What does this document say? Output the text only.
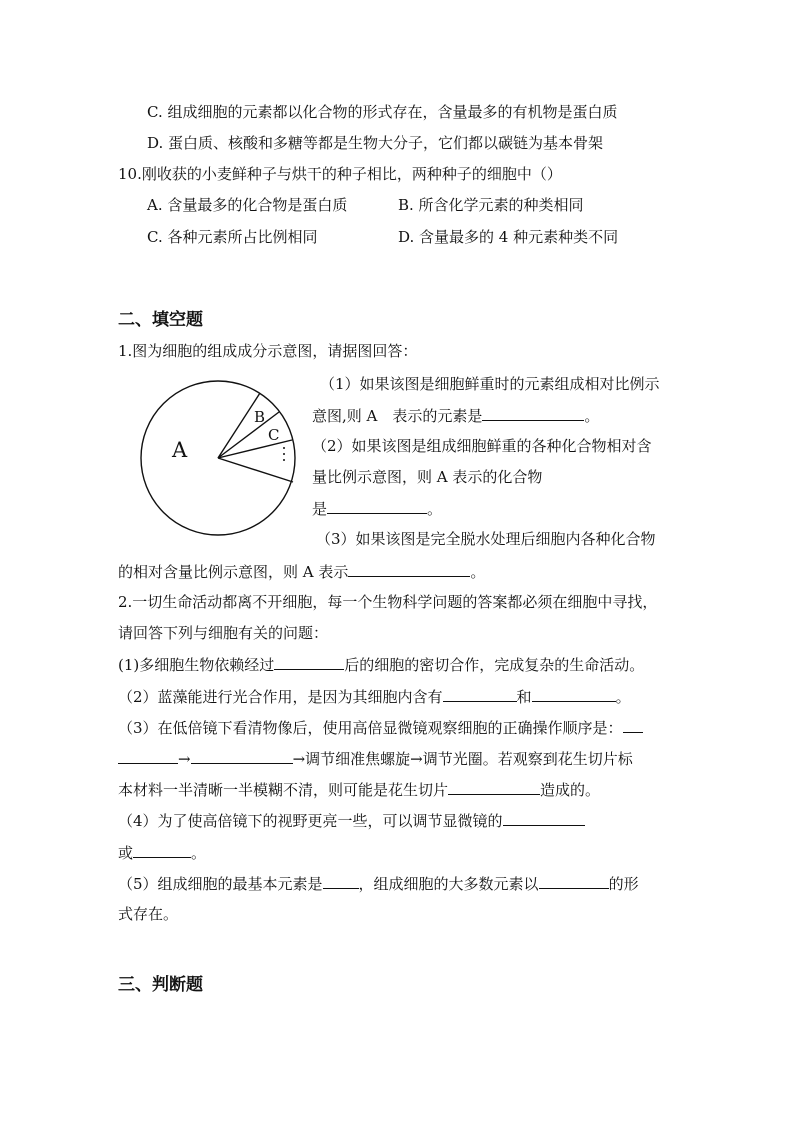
C. 组成细胞的元素都以化合物的形式存在，含量最多的有机物是蛋白质
D. 蛋白质、核酸和多糖等都是生物大分子，它们都以碳链为基本骨架
10.刚收获的小麦鲜种子与烘干的种子相比，两种种子的细胞中（）
A. 含量最多的化合物是蛋白质	B. 所含化学元素的种类相同
C. 各种元素所占比例相同	D. 含量最多的 4 种元素种类不同
二、填空题
1.图为细胞的组成成分示意图，请据图回答：
A
B
C
（1）如果该图是细胞鲜重时的元素组成相对比例示
意图,则 A　表示的元素是	。
（2）如果该图是组成细胞鲜重的各种化合物相对含
量比例示意图，则 A 表示的化合物
是	。
（3）如果该图是完全脱水处理后细胞内各种化合物
的相对含量比例示意图，则 A 表示	。
2.一切生命活动都离不开细胞，每一个生物科学问题的答案都必须在细胞中寻找，
请回答下列与细胞有关的问题：
(1)多细胞生物依赖经过	后的细胞的密切合作，完成复杂的生命活动。
（2）蓝藻能进行光合作用，是因为其细胞内含有	和	。
（3）在低倍镜下看清物像后，使用高倍显微镜观察细胞的正确操作顺序是：
→	→调节细准焦螺旋→调节光圈。若观察到花生切片标
本材料一半清晰一半模糊不清，则可能是花生切片	造成的。
（4）为了使高倍镜下的视野更亮一些，可以调节显微镜的
或	。
（5）组成细胞的最基本元素是 ，组成细胞的大多数元素以	的形
式存在。
三、判断题
